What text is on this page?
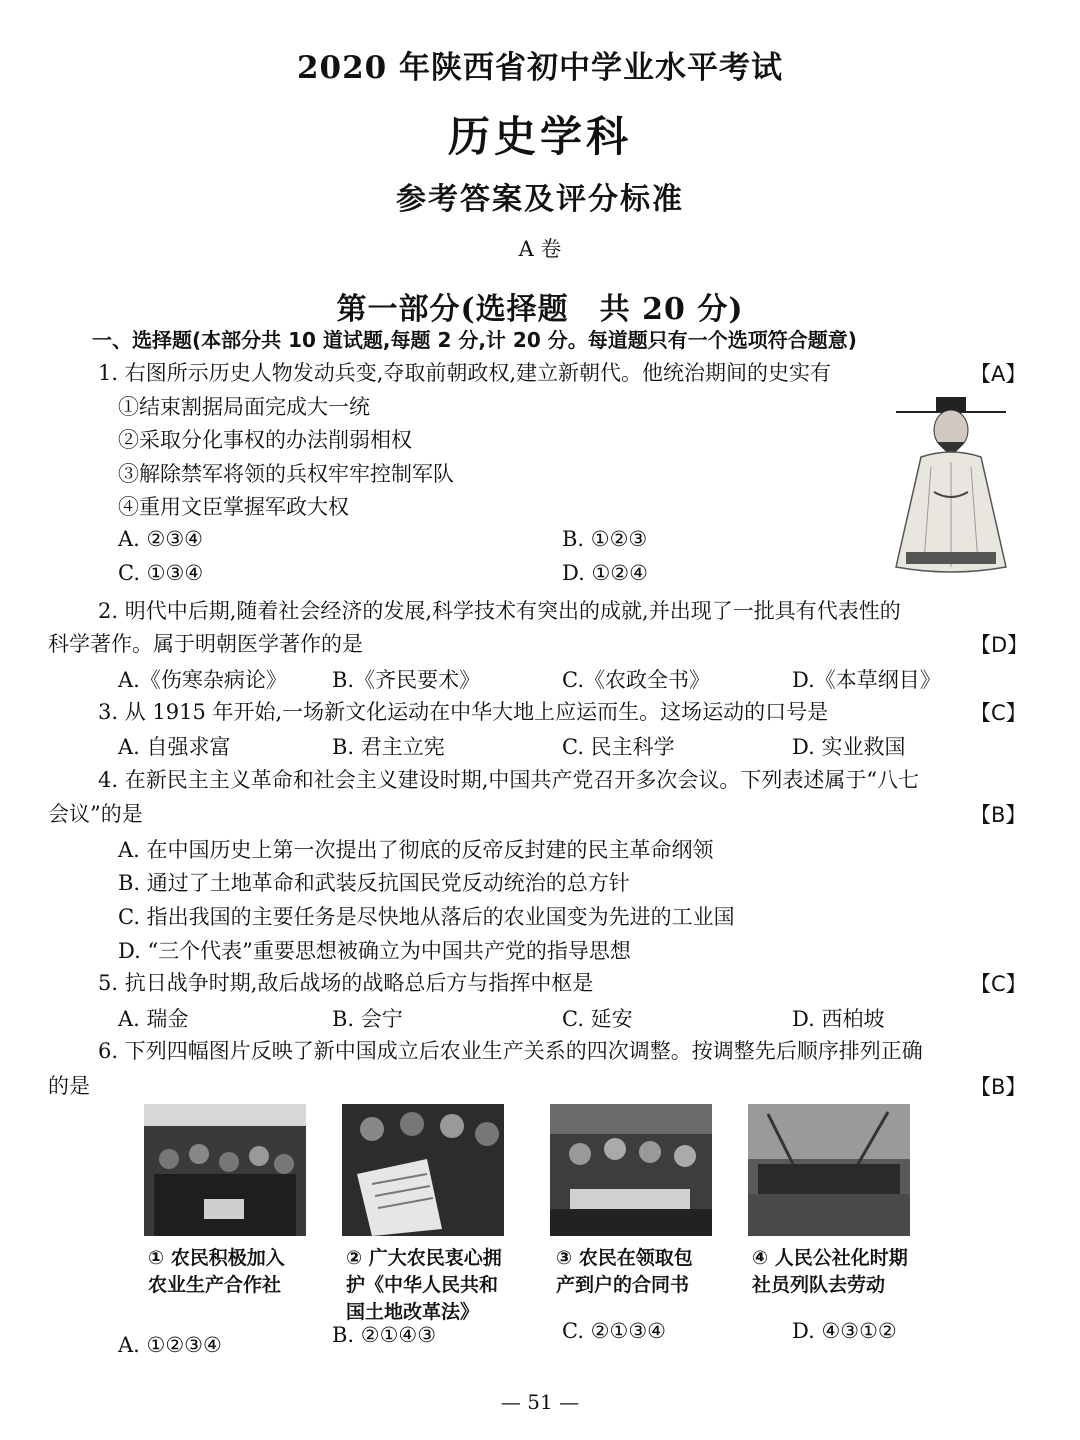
2020 年陕西省初中学业水平考试
历史学科
参考答案及评分标准
A 卷
第一部分(选择题　共 20 分)
一、选择题(本部分共 10 道试题,每题 2 分,计 20 分。每道题只有一个选项符合题意)
1. 右图所示历史人物发动兵变,夺取前朝政权,建立新朝代。他统治期间的史实有	【A】
①结束割据局面完成大一统
②采取分化事权的办法削弱相权
③解除禁军将领的兵权牢牢控制军队
④重用文臣掌握军政大权
A. ②③④	B. ①②③
C. ①③④	D. ①②④
2. 明代中后期,随着社会经济的发展,科学技术有突出的成就,并出现了一批具有代表性的
科学著作。属于明朝医学著作的是	【D】
A.《伤寒杂病论》 B.《齐民要术》	C.《农政全书》	D.《本草纲目》
3. 从 1915 年开始,一场新文化运动在中华大地上应运而生。这场运动的口号是	【C】
A. 自强求富	B. 君主立宪	C. 民主科学	D. 实业救国
4. 在新民主主义革命和社会主义建设时期,中国共产党召开多次会议。下列表述属于“八七
会议”的是	【B】
A. 在中国历史上第一次提出了彻底的反帝反封建的民主革命纲领
B. 通过了土地革命和武装反抗国民党反动统治的总方针
C. 指出我国的主要任务是尽快地从落后的农业国变为先进的工业国
D. “三个代表”重要思想被确立为中国共产党的指导思想
5. 抗日战争时期,敌后战场的战略总后方与指挥中枢是	【C】
A. 瑞金	B. 会宁	C. 延安	D. 西柏坡
6. 下列四幅图片反映了新中国成立后农业生产关系的四次调整。按调整先后顺序排列正确
的是	【B】
① 农民积极加入
农业生产合作社
② 广大农民衷心拥
护《中华人民共和
国土地改革法》
③ 农民在领取包
产到户的合同书
④ 人民公社化时期
社员列队去劳动
A. ①②③④	B. ②①④③	C. ②①③④	D. ④③①②
— 51 —
